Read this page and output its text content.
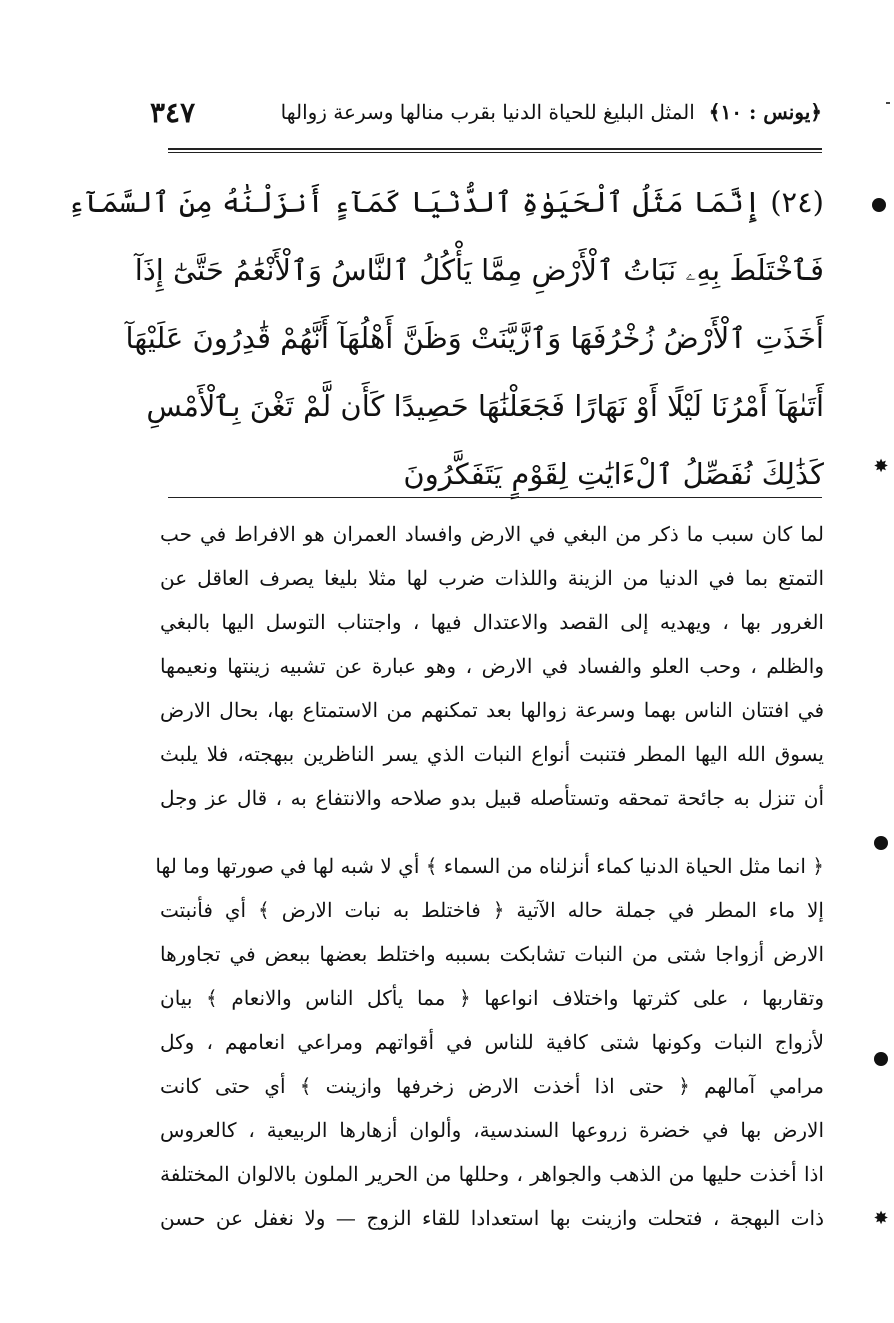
﴿يونس : ١٠﴾
المثل البليغ للحياة الدنيا بقرب منالها وسرعة زوالها
٣٤٧
(٢٤) إِنَّمَا مَثَلُ ٱلْحَيَوٰةِ ٱلدُّنْيَا كَمَآءٍ أَنزَلْنَٰهُ مِنَ ٱلسَّمَآءِ
فَٱخْتَلَطَ بِهِۦ نَبَاتُ ٱلْأَرْضِ مِمَّا يَأْكُلُ ٱلنَّاسُ وَٱلْأَنْعَٰمُ حَتَّىٰٓ إِذَآ
أَخَذَتِ ٱلْأَرْضُ زُخْرُفَهَا وَٱزَّيَّنَتْ وَظَنَّ أَهْلُهَآ أَنَّهُمْ قَٰدِرُونَ عَلَيْهَآ
أَتَىٰهَآ أَمْرُنَا لَيْلًا أَوْ نَهَارًا فَجَعَلْنَٰهَا حَصِيدًا كَأَن لَّمْ تَغْنَ بِٱلْأَمْسِ
كَذَٰلِكَ نُفَصِّلُ ٱلْءَايَٰتِ لِقَوْمٍ يَتَفَكَّرُونَ
لما كان سبب ما ذكر من البغي في الارض وافساد العمران هو الافراط في حب
التمتع بما في الدنيا من الزينة واللذات ضرب لها مثلا بليغا يصرف العاقل عن
الغرور بها ، ويهديه إلى القصد والاعتدال فيها ، واجتناب التوسل اليها بالبغي
والظلم ، وحب العلو والفساد في الارض ، وهو عبارة عن تشبيه زينتها ونعيمها
في افتتان الناس بهما وسرعة زوالها بعد تمكنهم من الاستمتاع بها، بحال الارض
يسوق الله اليها المطر فتنبت أنواع النبات الذي يسر الناظرين ببهجته، فلا يلبث
أن تنزل به جائحة تمحقه وتستأصله قبيل بدو صلاحه والانتفاع به ، قال عز وجل
﴿ انما مثل الحياة الدنيا كماء أنزلناه من السماء ﴾ أي لا شبه لها في صورتها وما لها
إلا ماء المطر في جملة حاله الآتية ﴿ فاختلط به نبات الارض ﴾ أي فأنبتت
الارض أزواجا شتى من النبات تشابكت بسببه واختلط بعضها ببعض في تجاورها
وتقاربها ، على كثرتها واختلاف انواعها ﴿ مما يأكل الناس والانعام ﴾ بيان
لأزواج النبات وكونها شتى كافية للناس في أقواتهم ومراعي انعامهم ، وكل
مرامي آمالهم ﴿ حتى اذا أخذت الارض زخرفها وازينت ﴾ أي حتى كانت
الارض بها في خضرة زروعها السندسية، وألوان أزهارها الربيعية ، كالعروس
اذا أخذت حليها من الذهب والجواهر ، وحللها من الحرير الملون بالالوان المختلفة
ذات البهجة ، فتحلت وازينت بها استعدادا للقاء الزوج — ولا نغفل عن حسن
✸
✸
